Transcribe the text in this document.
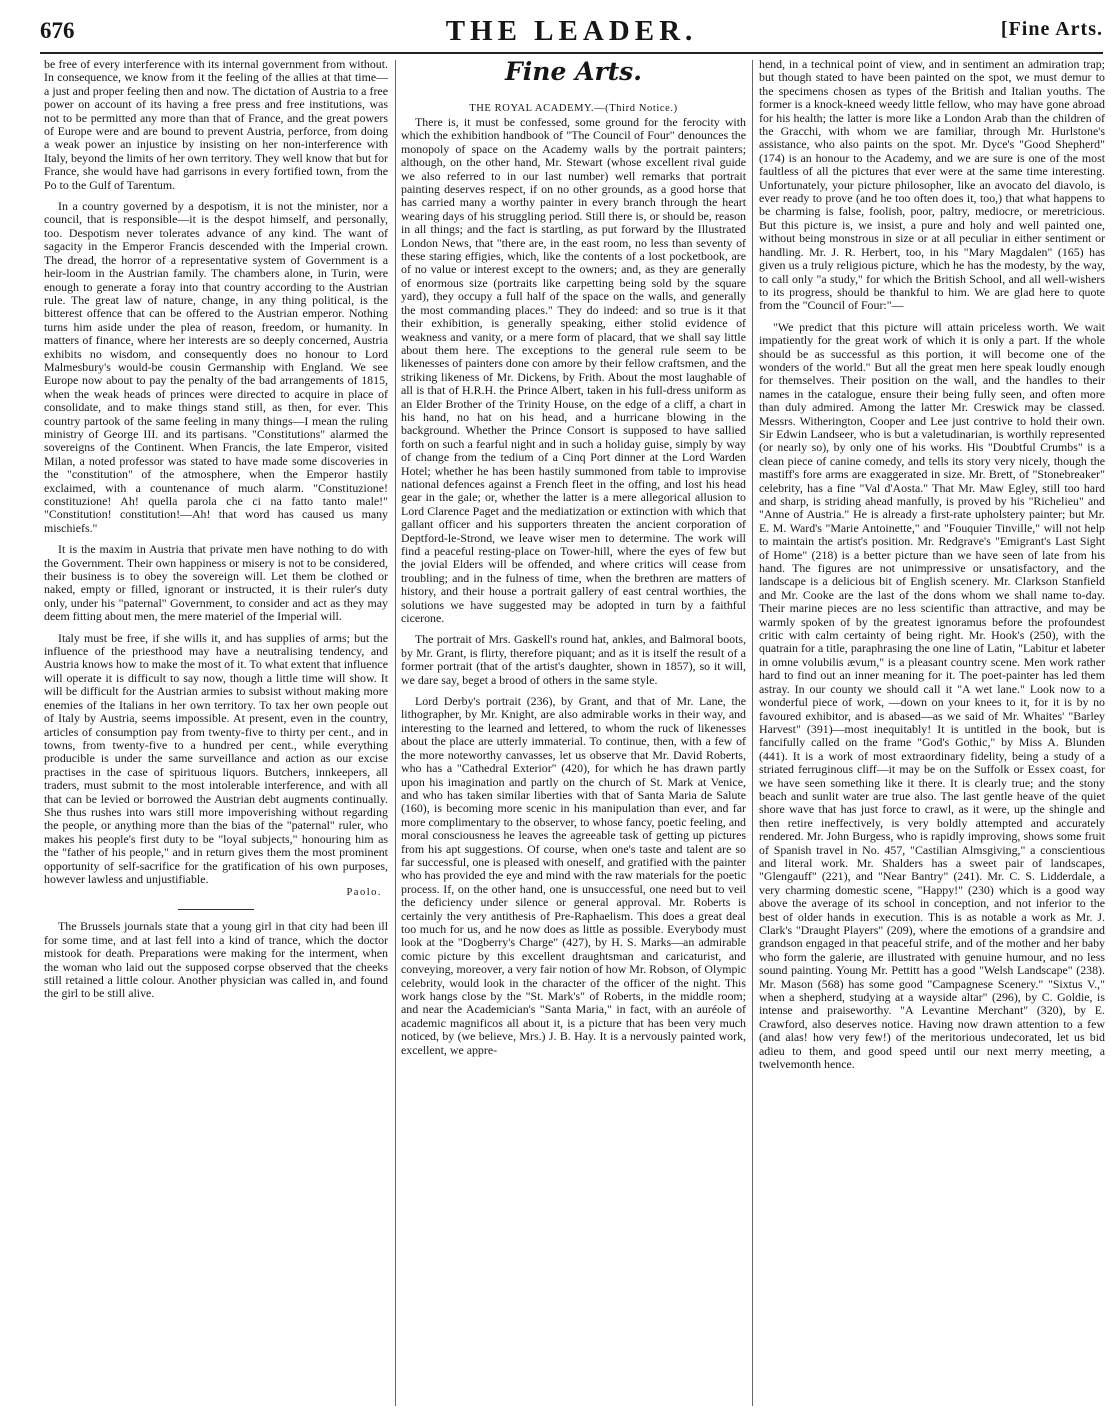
676	THE LEADER.	[Fine Arts.

be free of every interference with its internal government from without. In consequence, we know from it the feeling of the allies at that time—a just and proper feeling then and now. The dictation of Austria to a free power on account of its having a free press and free institutions, was not to be permitted any more than that of France, and the great powers of Europe were and are bound to prevent Austria, perforce, from doing a weak power an injustice by insisting on her non-interference with Italy, beyond the limits of her own territory. They well know that but for France, she would have had garrisons in every fortified town, from the Po to the Gulf of Tarentum.

In a country governed by a despotism, it is not the minister, nor a council, that is responsible—it is the despot himself, and personally, too. Despotism never tolerates advance of any kind. The want of sagacity in the Emperor Francis descended with the Imperial crown. The dread, the horror of a representative system of Government is a heir-loom in the Austrian family. The chambers alone, in Turin, were enough to generate a foray into that country according to the Austrian rule. The great law of nature, change, in any thing political, is the bitterest offence that can be offered to the Austrian emperor. Nothing turns him aside under the plea of reason, freedom, or humanity. In matters of finance, where her interests are so deeply concerned, Austria exhibits no wisdom, and consequently does no honour to Lord Malmesbury's would-be cousin Germanship with England. We see Europe now about to pay the penalty of the bad arrangements of 1815, when the weak heads of princes were directed to acquire in place of consolidate, and to make things stand still, as then, for ever. This country partook of the same feeling in many things—I mean the ruling ministry of George III. and its partisans. "Constitutions" alarmed the sovereigns of the Continent. When Francis, the late Emperor, visited Milan, a noted professor was stated to have made some discoveries in the "constitution" of the atmosphere, when the Emperor hastily exclaimed, with a countenance of much alarm. "Constituzione! constituzione! Ah! quella parola che ci na fatto tanto male!" "Constitution! constitution!—Ah! that word has caused us many mischiefs."

It is the maxim in Austria that private men have nothing to do with the Government. Their own happiness or misery is not to be considered, their business is to obey the sovereign will. Let them be clothed or naked, empty or filled, ignorant or instructed, it is their ruler's duty only, under his "paternal" Government, to consider and act as they may deem fitting about men, the mere materiel of the Imperial will.

Italy must be free, if she wills it, and has supplies of arms; but the influence of the priesthood may have a neutralising tendency, and Austria knows how to make the most of it. To what extent that influence will operate it is difficult to say now, though a little time will show. It will be difficult for the Austrian armies to subsist without making more enemies of the Italians in her own territory. To tax her own people out of Italy by Austria, seems impossible. At present, even in the country, articles of consumption pay from twenty-five to thirty per cent., and in towns, from twenty-five to a hundred per cent., while everything producible is under the same surveillance and action as our excise practises in the case of spirituous liquors. Butchers, innkeepers, all traders, must submit to the most intolerable interference, and with all that can be levied or borrowed the Austrian debt augments continually. She thus rushes into wars still more impoverishing without regarding the people, or anything more than the bias of the "paternal" ruler, who makes his people's first duty to be "loyal subjects," honouring him as the "father of his people," and in return gives them the most prominent opportunity of self-sacrifice for the gratification of his own purposes, however lawless and unjustifiable.

Paolo.

The Brussels journals state that a young girl in that city had been ill for some time, and at last fell into a kind of trance, which the doctor mistook for death. Preparations were making for the interment, when the woman who laid out the supposed corpse observed that the cheeks still retained a little colour. Another physician was called in, and found the girl to be still alive.

Fine Arts.
THE ROYAL ACADEMY.—(Third Notice.)

There is, it must be confessed, some ground for the ferocity with which the exhibition handbook of "The Council of Four" denounces the monopoly of space on the Academy walls by the portrait painters; although, on the other hand, Mr. Stewart (whose excellent rival guide we also referred to in our last number) well remarks that portrait painting deserves respect, if on no other grounds, as a good horse that has carried many a worthy painter in every branch through the heart wearing days of his struggling period. Still there is, or should be, reason in all things; and the fact is startling, as put forward by the Illustrated London News, that "there are, in the east room, no less than seventy of these staring effigies, which, like the contents of a lost pocketbook, are of no value or interest except to the owners; and, as they are generally of enormous size (portraits like carpetting being sold by the square yard), they occupy a full half of the space on the walls, and generally the most commanding places." They do indeed: and so true is it that their exhibition, is generally speaking, either stolid evidence of weakness and vanity, or a mere form of placard, that we shall say little about them here. The exceptions to the general rule seem to be likenesses of painters done con amore by their fellow craftsmen, and the striking likeness of Mr. Dickens, by Frith. About the most laughable of all is that of H.R.H. the Prince Albert, taken in his full-dress uniform as an Elder Brother of the Trinity House, on the edge of a cliff, a chart in his hand, no hat on his head, and a hurricane blowing in the background. Whether the Prince Consort is supposed to have sallied forth on such a fearful night and in such a holiday guise, simply by way of change from the tedium of a Cinq Port dinner at the Lord Warden Hotel; whether he has been hastily summoned from table to improvise national defences against a French fleet in the offing, and lost his head gear in the gale; or, whether the latter is a mere allegorical allusion to Lord Clarence Paget and the mediatization or extinction with which that gallant officer and his supporters threaten the ancient corporation of Deptford-le-Strond, we leave wiser men to determine. The work will find a peaceful resting-place on Tower-hill, where the eyes of few but the jovial Elders will be offended, and where critics will cease from troubling; and in the fulness of time, when the brethren are matters of history, and their house a portrait gallery of east central worthies, the solutions we have suggested may be adopted in turn by a faithful cicerone.

The portrait of Mrs. Gaskell's round hat, ankles, and Balmoral boots, by Mr. Grant, is flirty, therefore piquant; and as it is itself the result of a former portrait (that of the artist's daughter, shown in 1857), so it will, we dare say, beget a brood of others in the same style.

Lord Derby's portrait (236), by Grant, and that of Mr. Lane, the lithographer, by Mr. Knight, are also admirable works in their way, and interesting to the learned and lettered, to whom the ruck of likenesses about the place are utterly immaterial. To continue, then, with a few of the more noteworthy canvasses, let us observe that Mr. David Roberts, who has a "Cathedral Exterior" (420), for which he has drawn partly upon his imagination and partly on the church of St. Mark at Venice, and who has taken similar liberties with that of Santa Maria de Salute (160), is becoming more scenic in his manipulation than ever, and far more complimentary to the observer, to whose fancy, poetic feeling, and moral consciousness he leaves the agreeable task of getting up pictures from his apt suggestions. Of course, when one's taste and talent are so far successful, one is pleased with oneself, and gratified with the painter who has provided the eye and mind with the raw materials for the poetic process. If, on the other hand, one is unsuccessful, one need but to veil the deficiency under silence or general approval. Mr. Roberts is certainly the very antithesis of Pre-Raphaelism. This does a great deal too much for us, and he now does as little as possible. Everybody must look at the "Dogberry's Charge" (427), by H. S. Marks—an admirable comic picture by this excellent draughtsman and caricaturist, and conveying, moreover, a very fair notion of how Mr. Robson, of Olympic celebrity, would look in the character of the officer of the night. This work hangs close by the "St. Mark's" of Roberts, in the middle room; and near the Academician's "Santa Maria," in fact, with an auréole of academic magnificos all about it, is a picture that has been very much noticed, by (we believe, Mrs.) J. B. Hay. It is a nervously painted work, excellent, we appre-

hend, in a technical point of view, and in sentiment an admiration trap; but though stated to have been painted on the spot, we must demur to the specimens chosen as types of the British and Italian youths. The former is a knock-kneed weedy little fellow, who may have gone abroad for his health; the latter is more like a London Arab than the children of the Gracchi, with whom we are familiar, through Mr. Hurlstone's assistance, who also paints on the spot. Mr. Dyce's "Good Shepherd" (174) is an honour to the Academy, and we are sure is one of the most faultless of all the pictures that ever were at the same time interesting. Unfortunately, your picture philosopher, like an avocato del diavolo, is ever ready to prove (and he too often does it, too,) that what happens to be charming is false, foolish, poor, paltry, mediocre, or meretricious. But this picture is, we insist, a pure and holy and well painted one, without being monstrous in size or at all peculiar in either sentiment or handling. Mr. J. R. Herbert, too, in his "Mary Magdalen" (165) has given us a truly religious picture, which he has the modesty, by the way, to call only "a study," for which the British School, and all well-wishers to its progress, should be thankful to him. We are glad here to quote from the "Council of Four:"—

"We predict that this picture will attain priceless worth. We wait impatiently for the great work of which it is only a part. If the whole should be as successful as this portion, it will become one of the wonders of the world." But all the great men here speak loudly enough for themselves. Their position on the wall, and the handles to their names in the catalogue, ensure their being fully seen, and often more than duly admired. Among the latter Mr. Creswick may be classed. Messrs. Witherington, Cooper and Lee just contrive to hold their own. Sir Edwin Landseer, who is but a valetudinarian, is worthily represented (or nearly so), by only one of his works. His "Doubtful Crumbs" is a clean piece of canine comedy, and tells its story very nicely, though the mastiff's fore arms are exaggerated in size. Mr. Brett, of "Stonebreaker" celebrity, has a fine "Val d'Aosta." That Mr. Maw Egley, still too hard and sharp, is striding ahead manfully, is proved by his "Richelieu" and "Anne of Austria." He is already a first-rate upholstery painter; but Mr. E. M. Ward's "Marie Antoinette," and "Fouquier Tinville," will not help to maintain the artist's position. Mr. Redgrave's "Emigrant's Last Sight of Home" (218) is a better picture than we have seen of late from his hand. The figures are not unimpressive or unsatisfactory, and the landscape is a delicious bit of English scenery. Mr. Clarkson Stanfield and Mr. Cooke are the last of the dons whom we shall name to-day. Their marine pieces are no less scientific than attractive, and may be warmly spoken of by the greatest ignoramus before the profoundest critic with calm certainty of being right. Mr. Hook's (250), with the quatrain for a title, paraphrasing the one line of Latin, "Labitur et labeter in omne volubilis ævum," is a pleasant country scene. Men work rather hard to find out an inner meaning for it. The poet-painter has led them astray. In our county we should call it "A wet lane." Look now to a wonderful piece of work, —down on your knees to it, for it is by no favoured exhibitor, and is abased—as we said of Mr. Whaites' "Barley Harvest" (391)—most inequitably! It is untitled in the book, but is fancifully called on the frame "God's Gothic," by Miss A. Blunden (441). It is a work of most extraordinary fidelity, being a study of a striated ferruginous cliff—it may be on the Suffolk or Essex coast, for we have seen something like it there. It is clearly true; and the stony beach and sunlit water are true also. The last gentle heave of the quiet shore wave that has just force to crawl, as it were, up the shingle and then retire ineffectively, is very boldly attempted and accurately rendered. Mr. John Burgess, who is rapidly improving, shows some fruit of Spanish travel in No. 457, "Castilian Almsgiving," a conscientious and literal work. Mr. Shalders has a sweet pair of landscapes, "Glengauff" (221), and "Near Bantry" (241). Mr. C. S. Lidderdale, a very charming domestic scene, "Happy!" (230) which is a good way above the average of its school in conception, and not inferior to the best of older hands in execution. This is as notable a work as Mr. J. Clark's "Draught Players" (209), where the emotions of a grandsire and grandson engaged in that peaceful strife, and of the mother and her baby who form the galerie, are illustrated with genuine humour, and no less sound painting. Young Mr. Pettitt has a good "Welsh Landscape" (238). Mr. Mason (568) has some good "Campagnese Scenery." "Sixtus V.," when a shepherd, studying at a wayside altar" (296), by C. Goldie, is intense and praiseworthy. "A Levantine Merchant" (320), by E. Crawford, also deserves notice. Having now drawn attention to a few (and alas! how very few!) of the meritorious undecorated, let us bid adieu to them, and good speed until our next merry meeting, a twelvemonth hence.
